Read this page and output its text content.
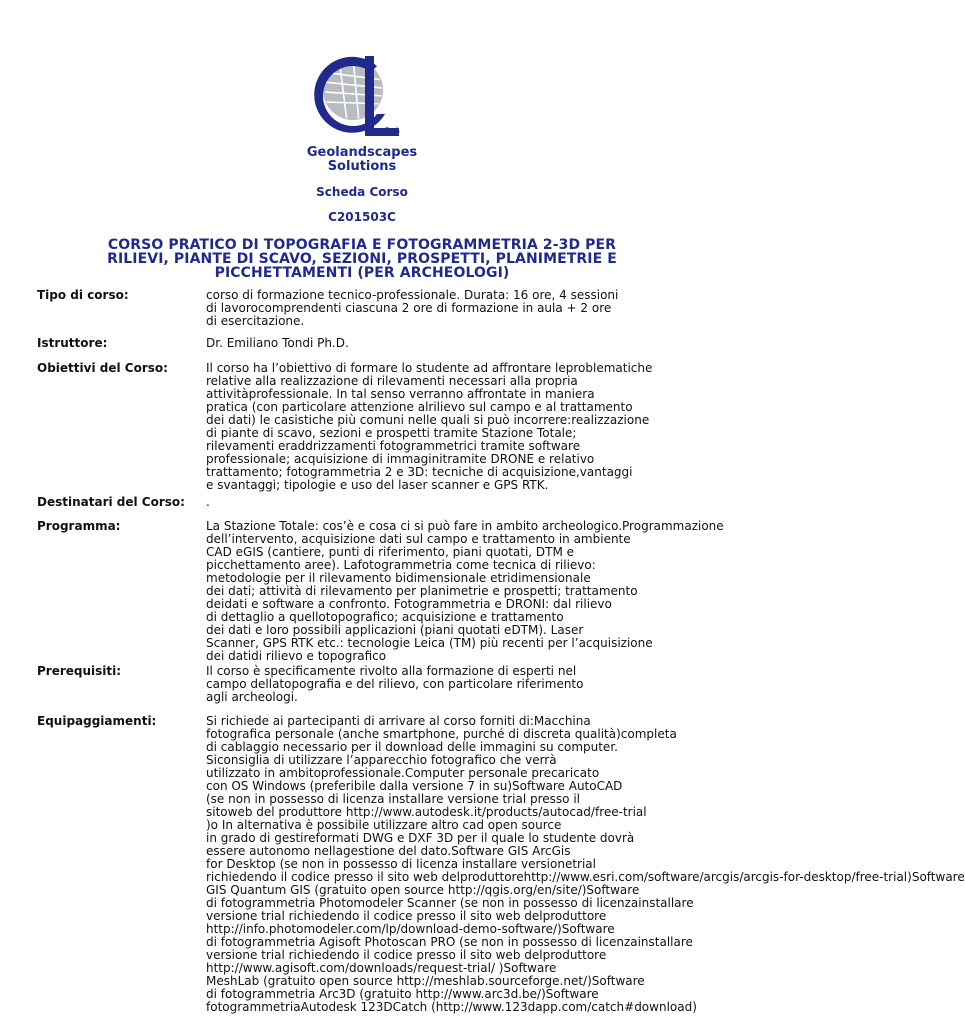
S.r.l.
Geolandscapes
Solutions
Scheda Corso
C201503C
CORSO PRATICO DI TOPOGRAFIA E FOTOGRAMMETRIA 2-3D PER
RILIEVI, PIANTE DI SCAVO, SEZIONI, PROSPETTI, PLANIMETRIE E
PICCHETTAMENTI (PER ARCHEOLOGI)
Tipo di corso:	corso di formazione tecnico-professionale. Durata: 16 ore, 4 sessioni
di lavorocomprendenti ciascuna 2 ore di formazione in aula + 2 ore
di esercitazione.
Istruttore:	Dr. Emiliano Tondi Ph.D.
Obiettivi del Corso:	Il corso ha l’obiettivo di formare lo studente ad affrontare leproblematiche
relative alla realizzazione di rilevamenti necessari alla propria
attivitàprofessionale. In tal senso verranno affrontate in maniera
pratica (con particolare attenzione alrilievo sul campo e al trattamento
dei dati) le casistiche più comuni nelle quali si può incorrere:realizzazione
di piante di scavo, sezioni e prospetti tramite Stazione Totale;
rilevamenti eraddrizzamenti fotogrammetrici tramite software
professionale; acquisizione di immaginitramite DRONE e relativo
trattamento; fotogrammetria 2 e 3D: tecniche di acquisizione,vantaggi
e svantaggi; tipologie e uso del laser scanner e GPS RTK.
Destinatari del Corso: .
Programma:	La Stazione Totale: cos’è e cosa ci si può fare in ambito archeologico.Programmazione
dell’intervento, acquisizione dati sul campo e trattamento in ambiente
CAD eGIS (cantiere, punti di riferimento, piani quotati, DTM e
picchettamento aree). Lafotogrammetria come tecnica di rilievo:
metodologie per il rilevamento bidimensionale etridimensionale
dei dati; attività di rilevamento per planimetrie e prospetti; trattamento
deidati e software a confronto. Fotogrammetria e DRONI: dal rilievo
di dettaglio a quellotopografico; acquisizione e trattamento
dei dati e loro possibili applicazioni (piani quotati eDTM). Laser
Scanner, GPS RTK etc.: tecnologie Leica (TM) più recenti per l’acquisizione
dei datidi rilievo e topografico
Prerequisiti:	Il corso è specificamente rivolto alla formazione di esperti nel
campo dellatopografia e del rilievo, con particolare riferimento
agli archeologi.
Equipaggiamenti:	Si richiede ai partecipanti di arrivare al corso forniti di:Macchina
fotografica personale (anche smartphone, purché di discreta qualità)completa
di cablaggio necessario per il download delle immagini su computer.
Siconsiglia di utilizzare l’apparecchio fotografico che verrà
utilizzato in ambitoprofessionale.Computer personale precaricato
con OS Windows (preferibile dalla versione 7 in su)Software AutoCAD
(se non in possesso di licenza installare versione trial presso il
sitoweb del produttore http://www.autodesk.it/products/autocad/free-trial
)o In alternativa è possibile utilizzare altro cad open source
in grado di gestireformati DWG e DXF 3D per il quale lo studente dovrà
essere autonomo nellagestione del dato.Software GIS ArcGis
for Desktop (se non in possesso di licenza installare versionetrial
richiedendo il codice presso il sito web delproduttorehttp://www.esri.com/software/arcgis/arcgis-for-desktop/free-trial)Software
GIS Quantum GIS (gratuito open source http://qgis.org/en/site/)Software
di fotogrammetria Photomodeler Scanner (se non in possesso di licenzainstallare
versione trial richiedendo il codice presso il sito web delproduttore
http://info.photomodeler.com/lp/download-demo-software/)Software
di fotogrammetria Agisoft Photoscan PRO (se non in possesso di licenzainstallare
versione trial richiedendo il codice presso il sito web delproduttore
http://www.agisoft.com/downloads/request-trial/ )Software
MeshLab (gratuito open source http://meshlab.sourceforge.net/)Software
di fotogrammetria Arc3D (gratuito http://www.arc3d.be/)Software
fotogrammetriaAutodesk 123DCatch (http://www.123dapp.com/catch#download)
